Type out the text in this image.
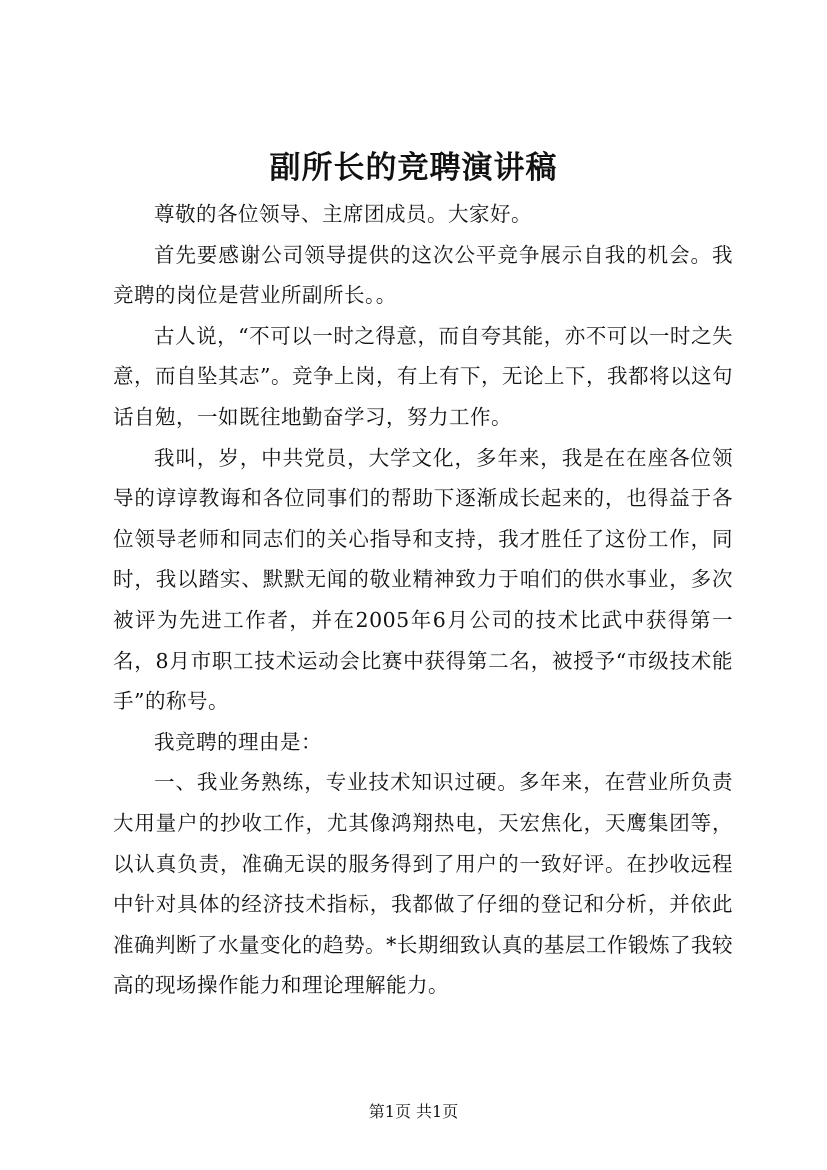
副所长的竞聘演讲稿

尊敬的各位领导、主席团成员。大家好。

首先要感谢公司领导提供的这次公平竞争展示自我的机会。我竞聘的岗位是营业所副所长。。

古人说，“不可以一时之得意，而自夸其能，亦不可以一时之失意，而自坠其志”。竞争上岗，有上有下，无论上下，我都将以这句话自勉，一如既往地勤奋学习，努力工作。

我叫，岁，中共党员，大学文化，多年来，我是在在座各位领导的谆谆教诲和各位同事们的帮助下逐渐成长起来的，也得益于各位领导老师和同志们的关心指导和支持，我才胜任了这份工作，同时，我以踏实、默默无闻的敬业精神致力于咱们的供水事业，多次被评为先进工作者，并在2005年6月公司的技术比武中获得第一名，8月市职工技术运动会比赛中获得第二名，被授予“市级技术能手”的称号。

我竞聘的理由是：

一、我业务熟练，专业技术知识过硬。多年来，在营业所负责大用量户的抄收工作，尤其像鸿翔热电，天宏焦化，天鹰集团等，以认真负责，准确无误的服务得到了用户的一致好评。在抄收远程中针对具体的经济技术指标，我都做了仔细的登记和分析，并依此准确判断了水量变化的趋势。*长期细致认真的基层工作锻炼了我较高的现场操作能力和理论理解能力。

第1页 共1页
